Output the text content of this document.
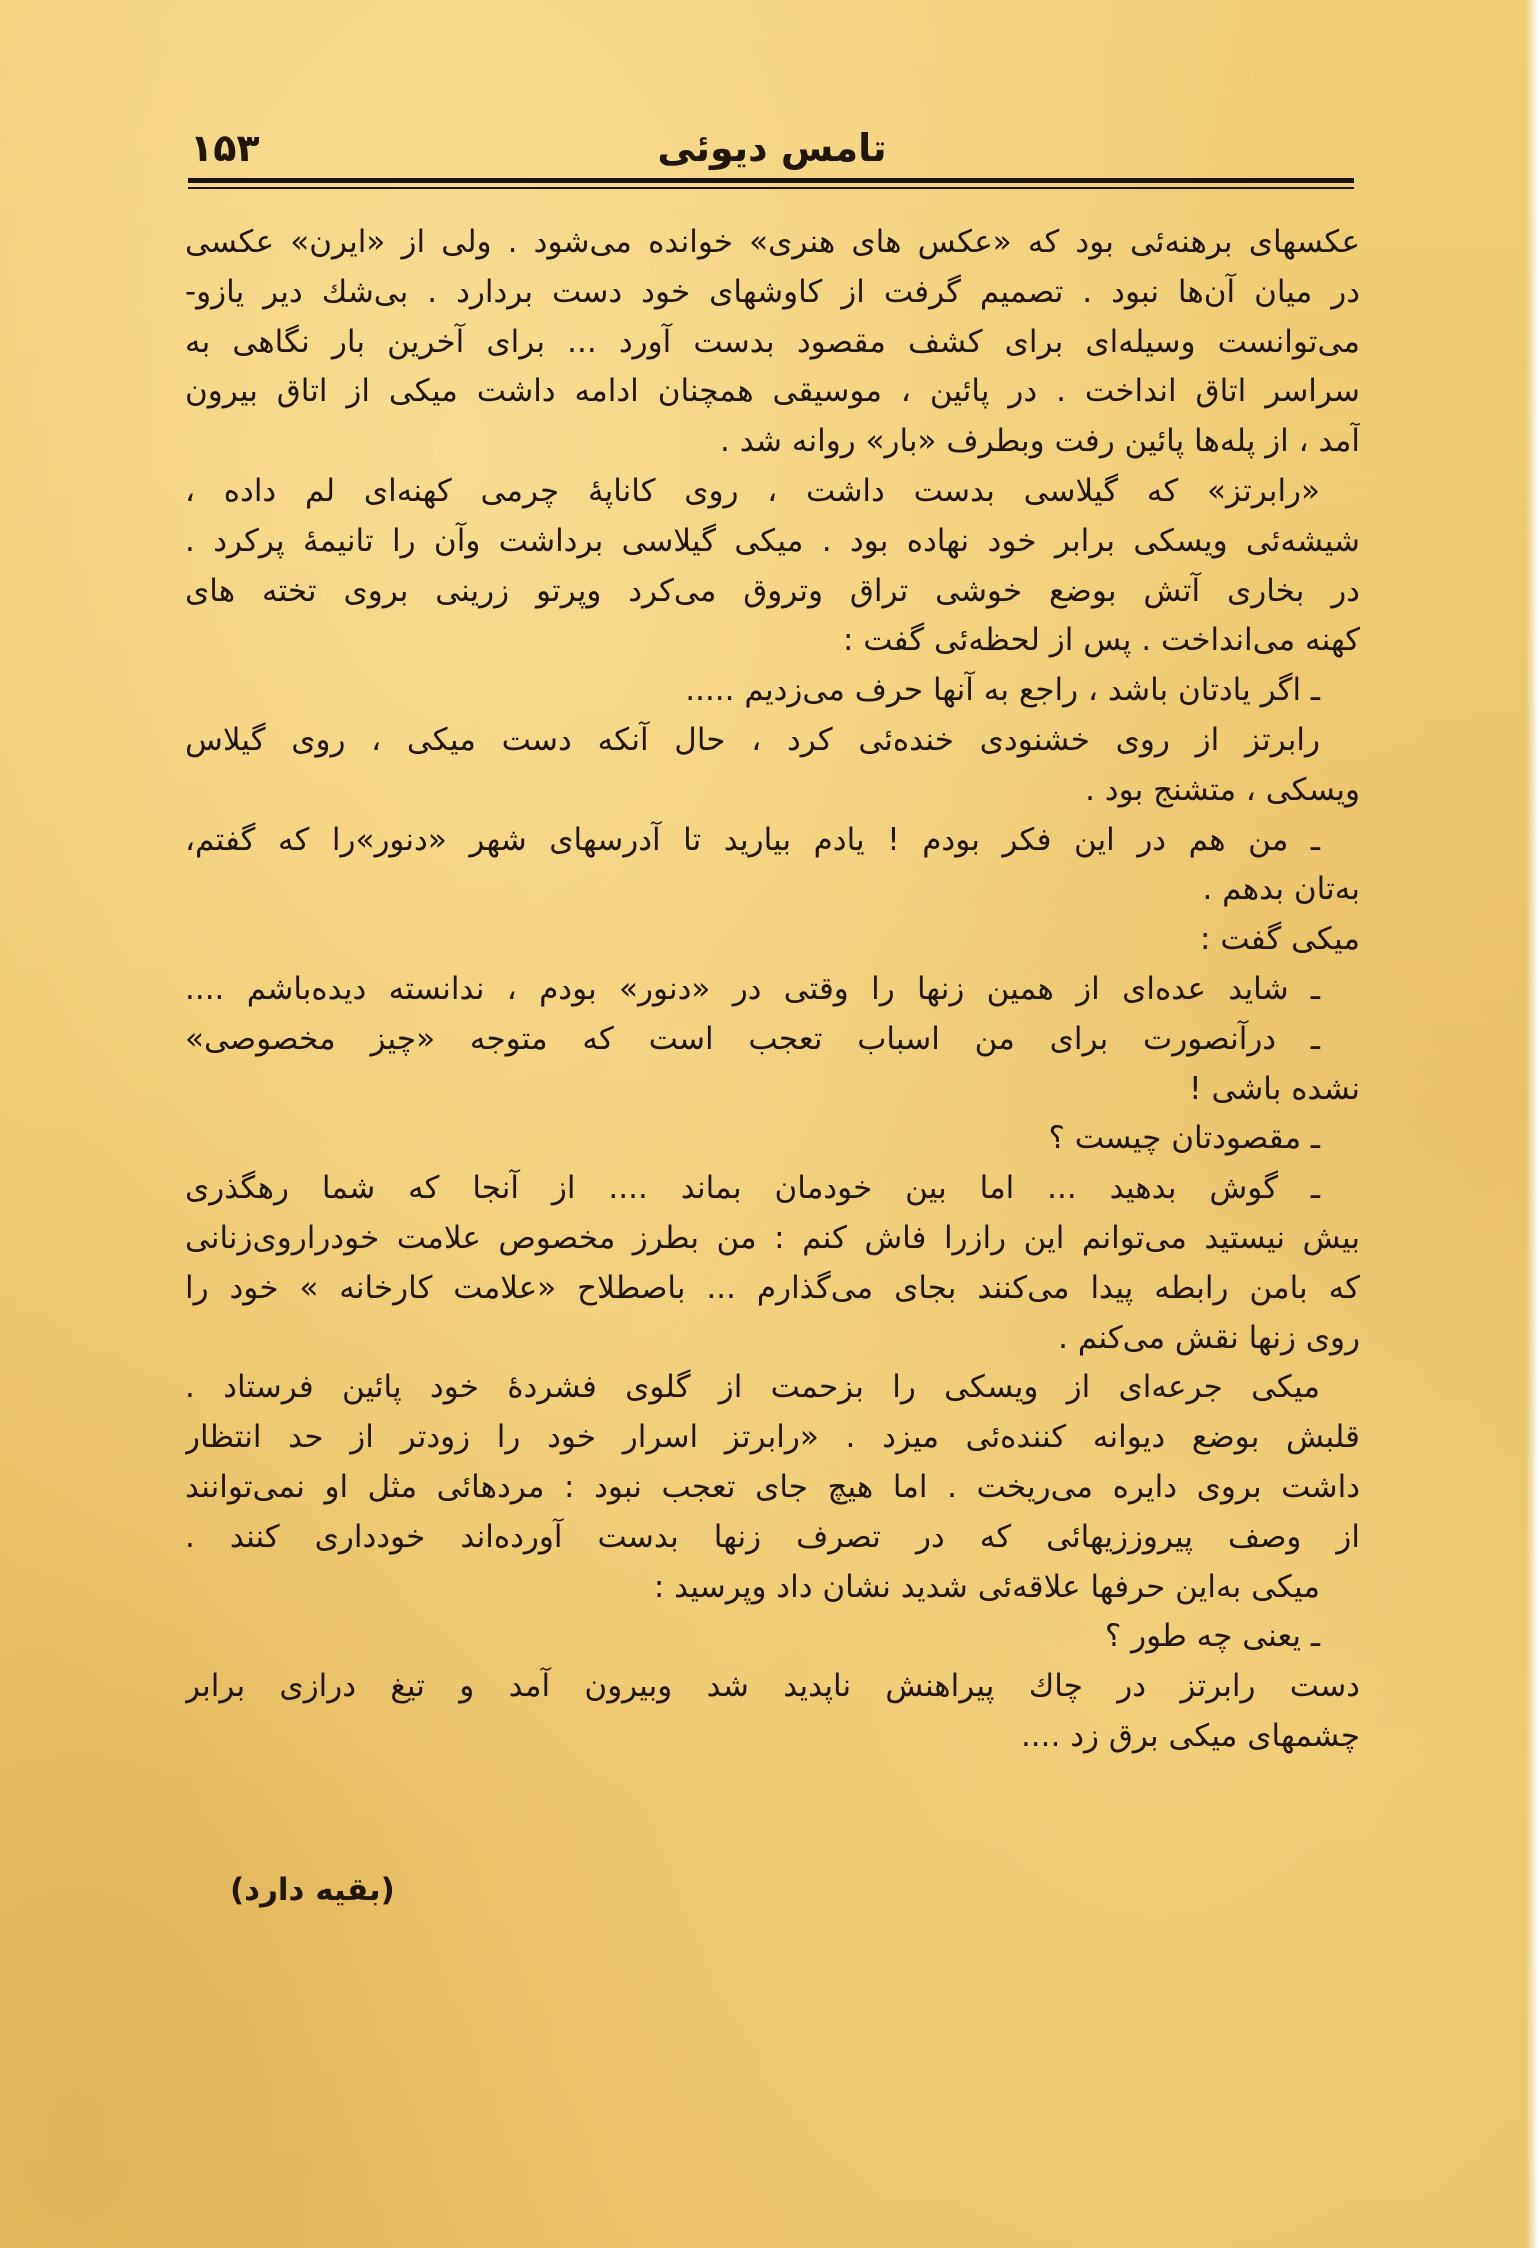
تامس دیوئی
۱۵۳
عکسهای برهنه‌ئی بود که «عکس های هنری» خوانده می‌شود . ولی از «ایرن» عکسی
در میان آن‌ها نبود . تصمیم گرفت از کاوشهای خود دست بردارد . بی‌شك دیر یازو-
می‌توانست وسیله‌ای برای کشف مقصود بدست آورد ... برای آخرین بار نگاهی به
سراسر اتاق انداخت . در پائین ، موسیقی همچنان ادامه داشت میکی از اتاق بیرون
آمد ، از پله‌ها پائین رفت وبطرف «بار» روانه شد .
«رابرتز» که گیلاسی بدست داشت ، روی کاناپهٔ چرمی کهنه‌ای لم داده ،
شیشه‌ئی ویسکی برابر خود نهاده بود . میکی گیلاسی برداشت وآن را تانیمهٔ پرکرد .
در بخاری آتش بوضع خوشی تراق وتروق می‌کرد وپرتو زرینی بروی تخته های
کهنه می‌انداخت . پس از لحظه‌ئی گفت :
ـ اگر یادتان باشد ، راجع به آنها حرف می‌زدیم .....
رابرتز از روی خشنودی خنده‌ئی کرد ، حال آنکه دست میکی ، روی گیلاس
ویسکی ، متشنج بود .
ـ من هم در این فکر بودم ! یادم بیارید تا آدرسهای شهر «دنور»را که گفتم،
به‌تان بدهم .
میکی گفت :
ـ شاید عده‌ای از همین زنها را وقتی در «دنور» بودم ، ندانسته دیده‌باشم ....
ـ درآنصورت برای من اسباب تعجب است که متوجه «چیز مخصوصی»
نشده باشی !
ـ مقصودتان چیست ؟
ـ گوش بدهید ... اما بین خودمان بماند .... از آنجا که شما رهگذری
بیش نیستید می‌توانم این رازرا فاش کنم : من بطرز مخصوص علامت خودراروی‌زنانی
که بامن رابطه پیدا می‌کنند بجای می‌گذارم ... باصطلاح «علامت کارخانه » خود را
روی زنها نقش می‌کنم .
میکی جرعه‌ای از ویسکی را بزحمت از گلوی فشردهٔ خود پائین فرستاد .
قلبش بوضع دیوانه کننده‌ئی میزد . «رابرتز اسرار خود را زودتر از حد انتظار
داشت بروی دایره می‌ریخت . اما هیچ جای تعجب نبود : مردهائی مثل او نمی‌توانند
از وصف پیروززیهائی که در تصرف زنها بدست آورده‌اند خودداری کنند .
میکی به‌این حرفها علاقه‌ئی شدید نشان داد وپرسید :
ـ یعنی چه طور ؟
دست رابرتز در چاك پیراهنش ناپدید شد وبیرون آمد و تیغ درازی برابر
چشمهای میکی برق زد ....
(بقیه دارد)
